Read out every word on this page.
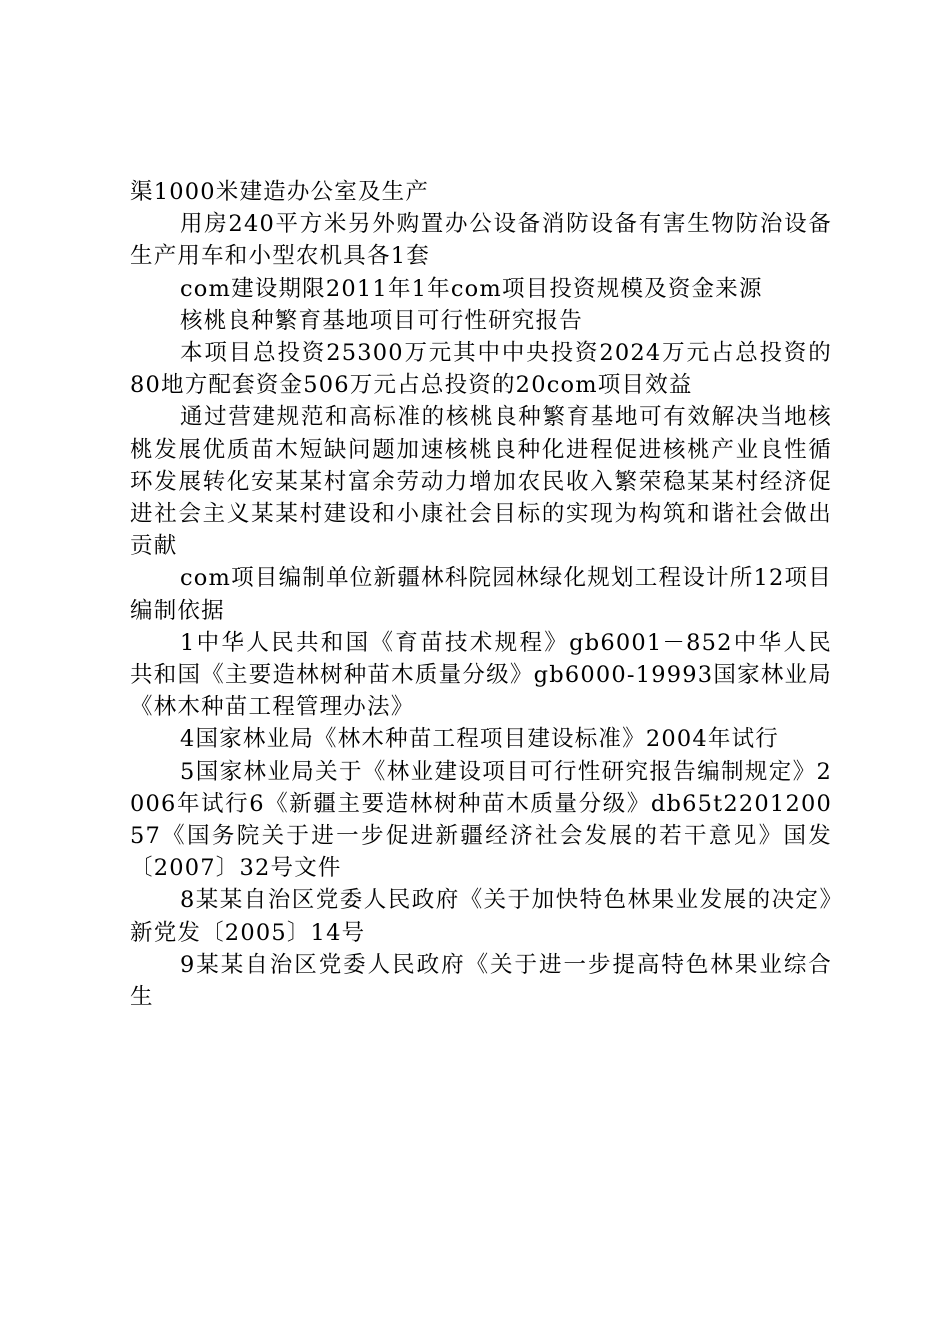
渠1000米建造办公室及生产

用房240平方米另外购置办公设备消防设备有害生物防治设备生产用车和小型农机具各1套

com建设期限2011年1年com项目投资规模及资金来源

核桃良种繁育基地项目可行性研究报告

本项目总投资25300万元其中中央投资2024万元占总投资的80地方配套资金506万元占总投资的20com项目效益

通过营建规范和高标准的核桃良种繁育基地可有效解决当地核桃发展优质苗木短缺问题加速核桃良种化进程促进核桃产业良性循环发展转化安某某村富余劳动力增加农民收入繁荣稳某某村经济促进社会主义某某村建设和小康社会目标的实现为构筑和谐社会做出贡献

com项目编制单位新疆林科院园林绿化规划工程设计所12项目编制依据

1中华人民共和国《育苗技术规程》gb6001－852中华人民共和国《主要造林树种苗木质量分级》gb6000-19993国家林业局《林木种苗工程管理办法》

4国家林业局《林木种苗工程项目建设标准》2004年试行

5国家林业局关于《林业建设项目可行性研究报告编制规定》2006年试行6《新疆主要造林树种苗木质量分级》db65t220120057《国务院关于进一步促进新疆经济社会发展的若干意见》国发〔2007〕32号文件

8某某自治区党委人民政府《关于加快特色林果业发展的决定》新党发〔2005〕14号

9某某自治区党委人民政府《关于进一步提高特色林果业综合生
